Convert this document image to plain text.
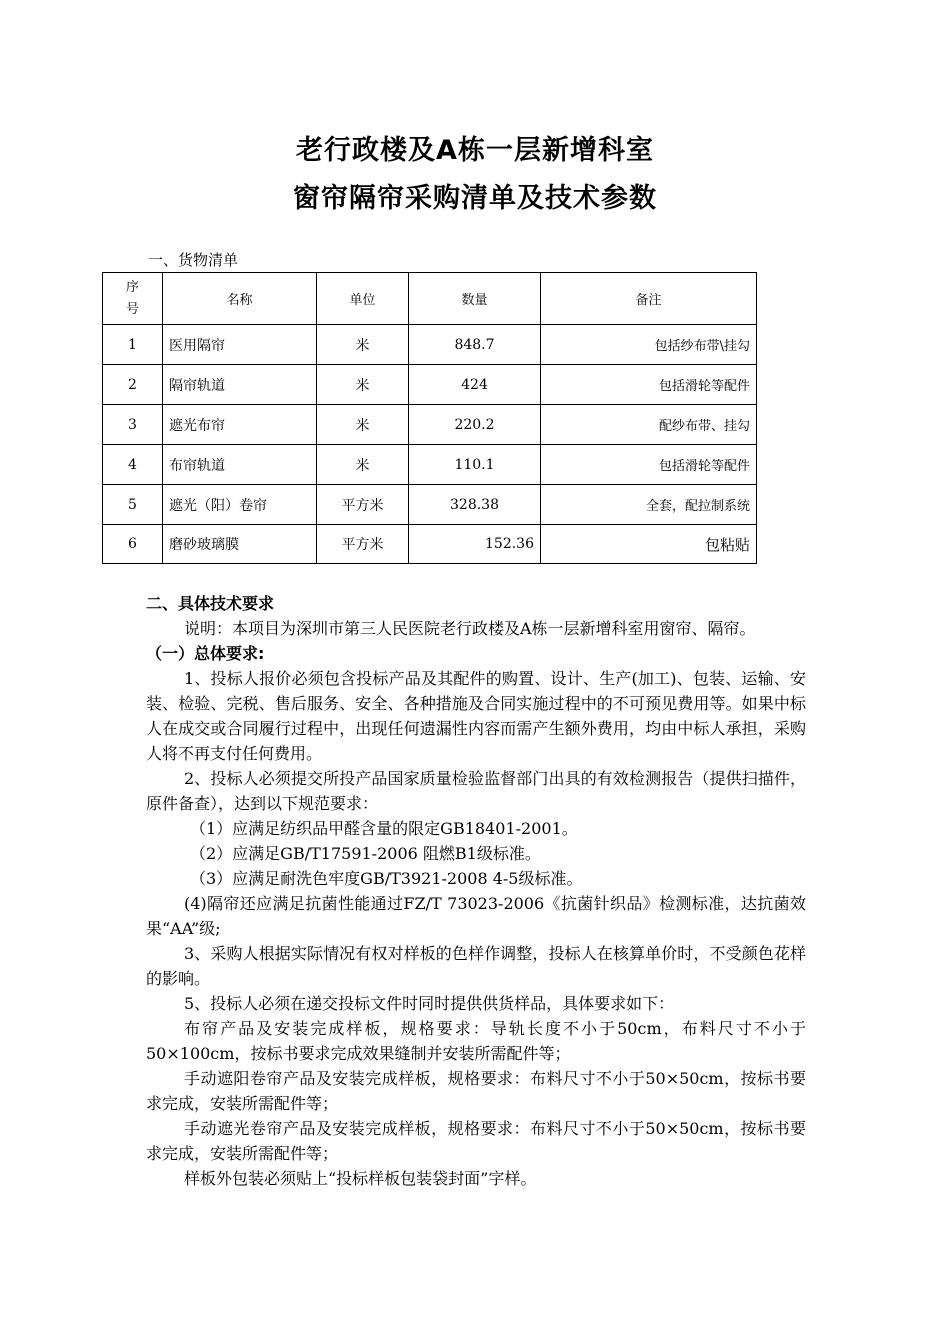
老行政楼及A栋一层新增科室
窗帘隔帘采购清单及技术参数
一、货物清单
序
号	名称	单位	数量	备注
1	医用隔帘	米	848.7	包括纱布带\挂勾
2	隔帘轨道	米	424	包括滑轮等配件
3	遮光布帘	米	220.2	配纱布带、挂勾
4	布帘轨道	米	110.1	包括滑轮等配件
5	遮光（阳）卷帘	平方米	328.38	全套，配拉制系统
6	磨砂玻璃膜	平方米	152.36	包粘贴

二、具体技术要求

说明：本项目为深圳市第三人民医院老行政楼及A栋一层新增科室用窗帘、隔帘。

（一）总体要求:

1、投标人报价必须包含投标产品及其配件的购置、设计、生产(加工)、包装、运输、安装、检验、完税、售后服务、安全、各种措施及合同实施过程中的不可预见费用等。如果中标人在成交或合同履行过程中，出现任何遗漏性内容而需产生额外费用，均由中标人承担，采购人将不再支付任何费用。

2、投标人必须提交所投产品国家质量检验监督部门出具的有效检测报告（提供扫描件，原件备查），达到以下规范要求：

（1）应满足纺织品甲醛含量的限定GB18401-2001。

（2）应满足GB/T17591-2006 阻燃B1级标准。

（3）应满足耐洗色牢度GB/T3921-2008 4-5级标准。

(4)隔帘还应满足抗菌性能通过FZ/T 73023-2006《抗菌针织品》检测标准，达抗菌效果“AA”级;

3、采购人根据实际情况有权对样板的色样作调整，投标人在核算单价时，不受颜色花样的影响。

5、投标人必须在递交投标文件时同时提供供货样品，具体要求如下：

布帘产品及安装完成样板，规格要求：导轨长度不小于50cm，布料尺寸不小于50×100cm，按标书要求完成效果缝制并安装所需配件等；

手动遮阳卷帘产品及安装完成样板，规格要求：布料尺寸不小于50×50cm，按标书要求完成，安装所需配件等；

手动遮光卷帘产品及安装完成样板，规格要求：布料尺寸不小于50×50cm，按标书要求完成，安装所需配件等；

样板外包装必须贴上“投标样板包装袋封面”字样。
